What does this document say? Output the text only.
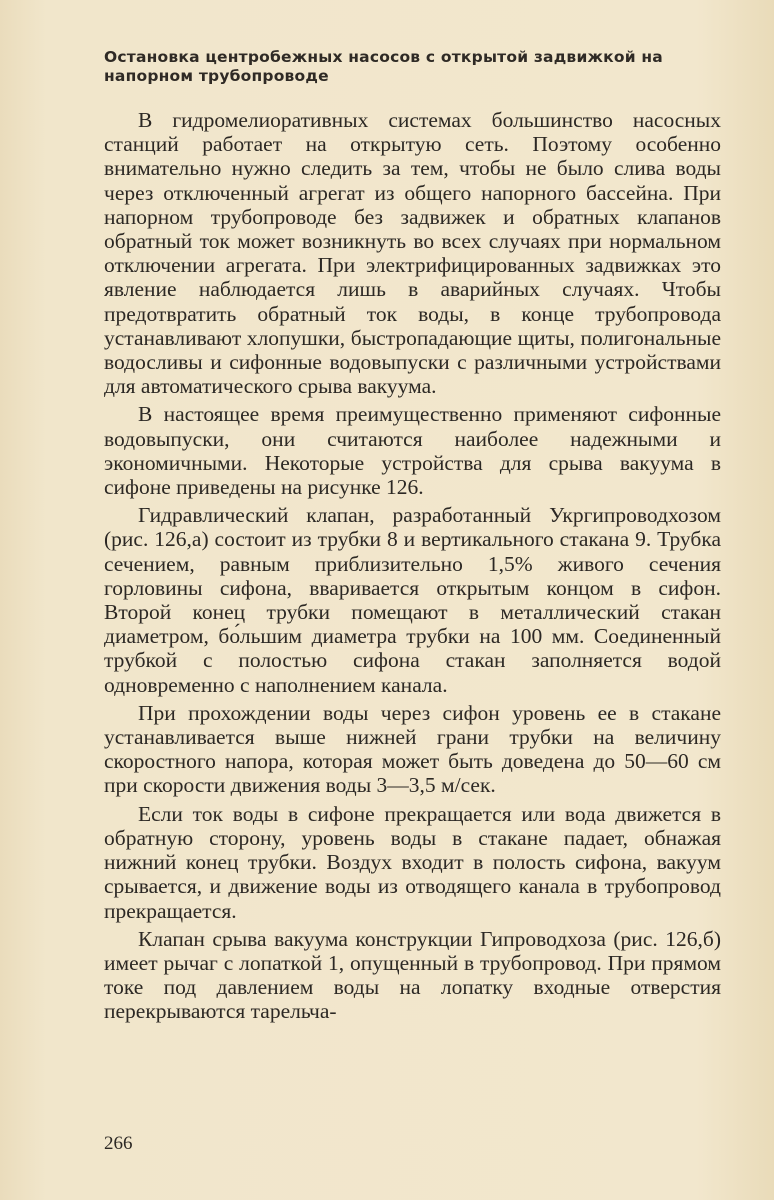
Остановка центробежных насосов с открытой задвижкой на напорном трубопроводе

В гидромелиоративных системах большинство насосных станций работает на открытую сеть. Поэтому особенно внимательно нужно следить за тем, чтобы не было слива воды через отключенный агрегат из общего напорного бассейна. При напорном трубопроводе без задвижек и обратных клапанов обратный ток может возникнуть во всех случаях при нормальном отключении агрегата. При электрифицированных задвижках это явление наблюдается лишь в аварийных случаях. Чтобы предотвратить обратный ток воды, в конце трубопровода устанавливают хлопушки, быстропадающие щиты, полигональные водосливы и сифонные водовыпуски с различными устройствами для автоматического срыва вакуума.

В настоящее время преимущественно применяют сифонные водовыпуски, они считаются наиболее надежными и экономичными. Некоторые устройства для срыва вакуума в сифоне приведены на рисунке 126.

Гидравлический клапан, разработанный Укргипроводхозом (рис. 126,а) состоит из трубки 8 и вертикального стакана 9. Трубка сечением, равным приблизительно 1,5% живого сечения горловины сифона, вваривается открытым концом в сифон. Второй конец трубки помещают в металлический стакан диаметром, бо́льшим диаметра трубки на 100 мм. Соединенный трубкой с полостью сифона стакан заполняется водой одновременно с наполнением канала.

При прохождении воды через сифон уровень ее в стакане устанавливается выше нижней грани трубки на величину скоростного напора, которая может быть доведена до 50—60 см при скорости движения воды 3—3,5 м/сек.

Если ток воды в сифоне прекращается или вода движется в обратную сторону, уровень воды в стакане падает, обнажая нижний конец трубки. Воздух входит в полость сифона, вакуум срывается, и движение воды из отводящего канала в трубопровод прекращается.

Клапан срыва вакуума конструкции Гипроводхоза (рис. 126,б) имеет рычаг с лопаткой 1, опущенный в трубопровод. При прямом токе под давлением воды на лопатку входные отверстия перекрываются тарельча-

266
